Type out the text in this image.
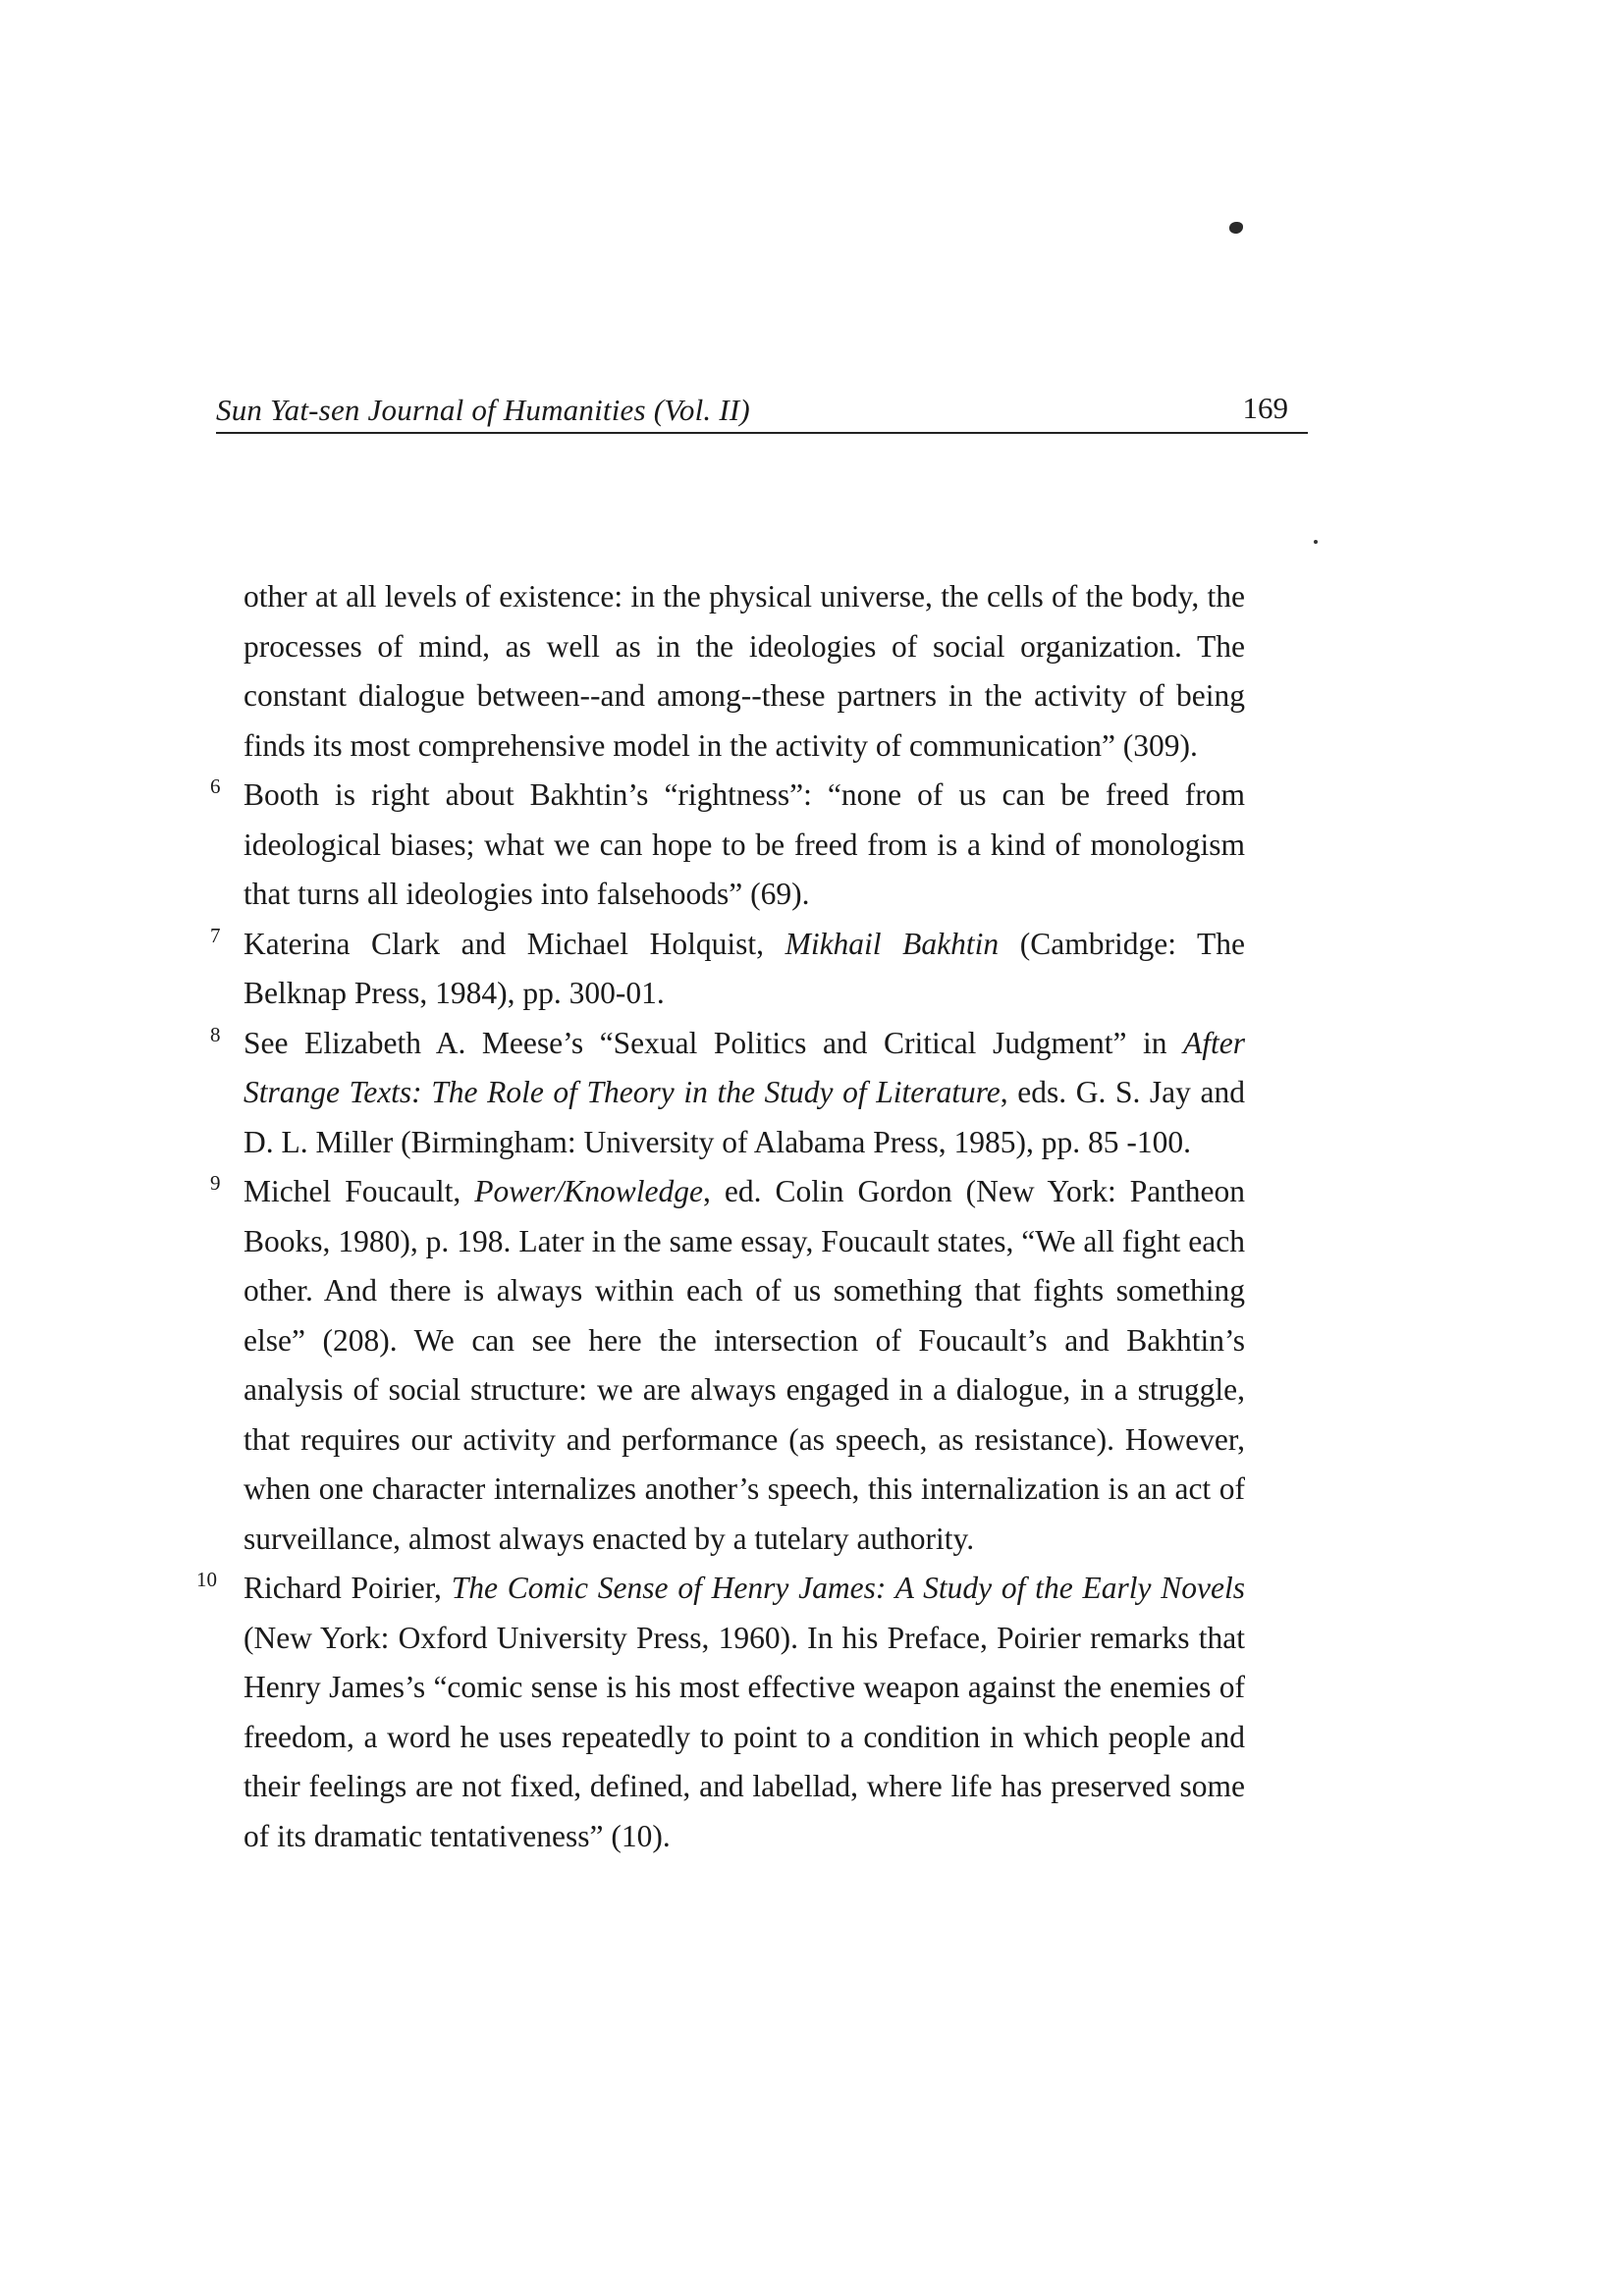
Sun Yat-sen Journal of Humanities (Vol. II)	169
other at all levels of existence: in the physical universe, the cells of the body, the processes of mind, as well as in the ideologies of social organization. The constant dialogue between--and among--these partners in the activity of being finds its most comprehensive model in the activity of communication” (309).
6 Booth is right about Bakhtin’s “rightness”: “none of us can be freed from ideological biases; what we can hope to be freed from is a kind of monologism that turns all ideologies into falsehoods” (69).
7 Katerina Clark and Michael Holquist, Mikhail Bakhtin (Cambridge: The Belknap Press, 1984), pp. 300-01.
8 See Elizabeth A. Meese’s “Sexual Politics and Critical Judgment” in After Strange Texts: The Role of Theory in the Study of Literature, eds. G. S. Jay and D. L. Miller (Birmingham: University of Alabama Press, 1985), pp. 85 -100.
9 Michel Foucault, Power/Knowledge, ed. Colin Gordon (New York: Pantheon Books, 1980), p. 198. Later in the same essay, Foucault states, “We all fight each other. And there is always within each of us something that fights something else” (208). We can see here the intersection of Foucault’s and Bakhtin’s analysis of social structure: we are always engaged in a dialogue, in a struggle, that requires our activity and performance (as speech, as resistance). However, when one character internalizes another’s speech, this internalization is an act of surveillance, almost always enacted by a tutelary authority.
10 Richard Poirier, The Comic Sense of Henry James: A Study of the Early Novels (New York: Oxford University Press, 1960). In his Preface, Poirier remarks that Henry James’s “comic sense is his most effective weapon against the enemies of freedom, a word he uses repeatedly to point to a condition in which people and their feelings are not fixed, defined, and labellad, where life has preserved some of its dramatic tentativeness” (10).
